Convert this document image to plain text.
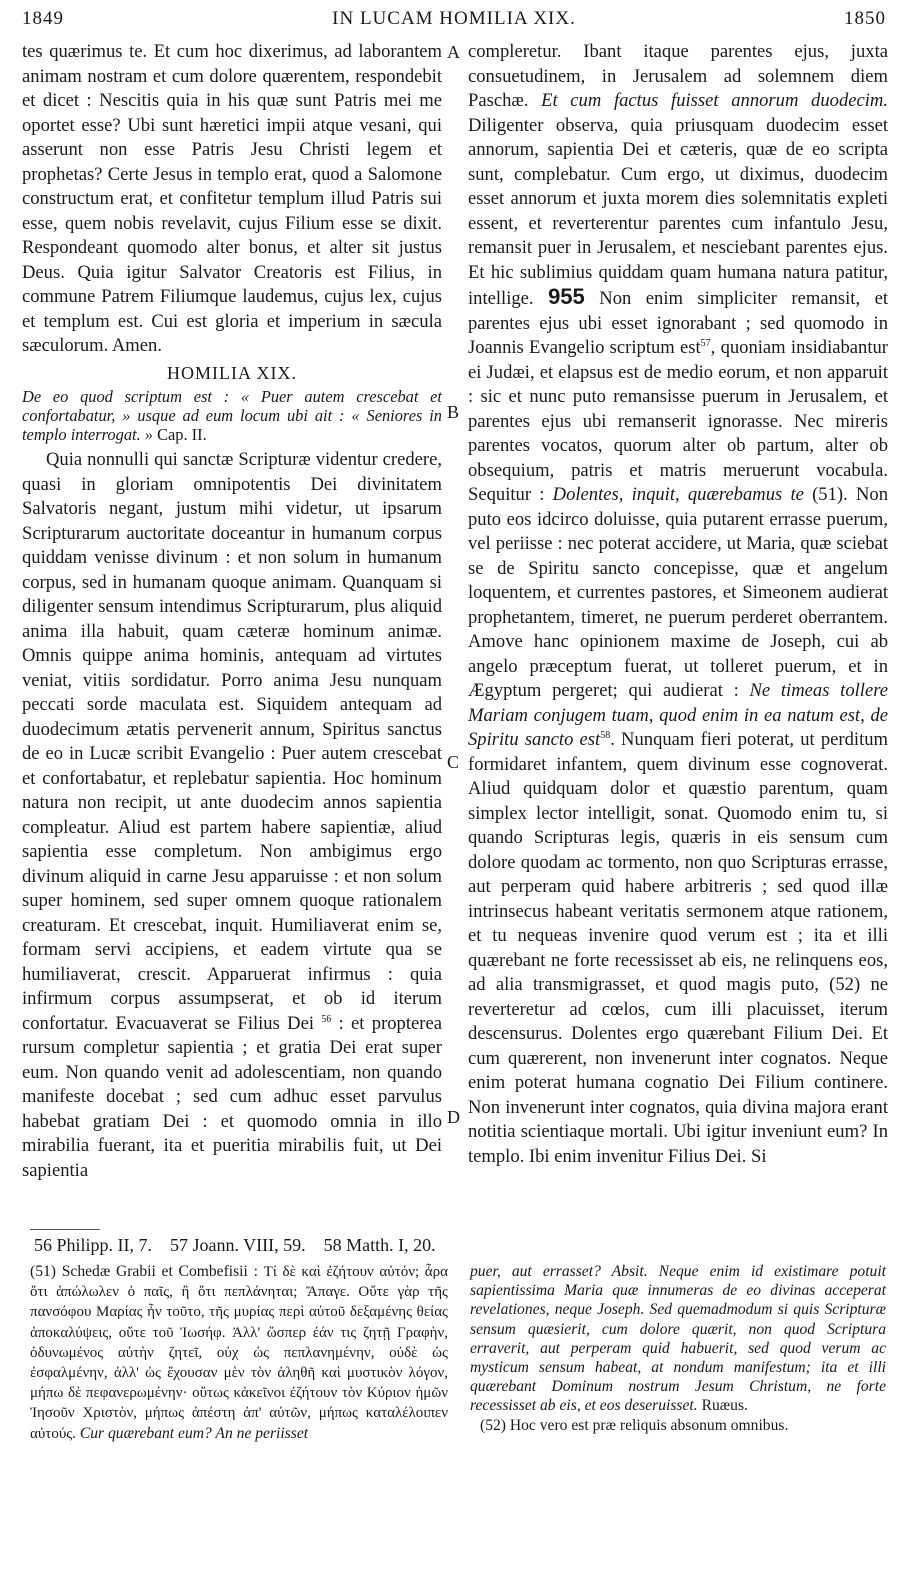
1849	IN LUCAM HOMILIA XIX.	1850
A
B
C
D

tes quærimus te. Et cum hoc dixerimus, ad laborantem animam nostram et cum dolore quærentem, respondebit et dicet : Nescitis quia in his quæ sunt Patris mei me oportet esse? Ubi sunt hæretici impii atque vesani, qui asserunt non esse Patris Jesu Christi legem et prophetas? Certe Jesus in templo erat, quod a Salomone constructum erat, et confitetur templum illud Patris sui esse, quem nobis revelavit, cujus Filium esse se dixit. Respondeant quomodo alter bonus, et alter sit justus Deus. Quia igitur Salvator Creatoris est Filius, in commune Patrem Filiumque laudemus, cujus lex, cujus et templum est. Cui est gloria et imperium in sæcula sæculorum. Amen.

HOMILIA XIX.
De eo quod scriptum est : « Puer autem crescebat et confortabatur, » usque ad eum locum ubi ait : « Seniores in templo interrogat. » Cap. II.

Quia nonnulli qui sanctæ Scripturæ videntur credere, quasi in gloriam omnipotentis Dei divinitatem Salvatoris negant, justum mihi videtur, ut ipsarum Scripturarum auctoritate doceantur in humanum corpus quiddam venisse divinum : et non solum in humanum corpus, sed in humanam quoque animam. Quanquam si diligenter sensum intendimus Scripturarum, plus aliquid anima illa habuit, quam cæteræ hominum animæ. Omnis quippe anima hominis, antequam ad virtutes veniat, vitiis sordidatur. Porro anima Jesu nunquam peccati sorde maculata est. Siquidem antequam ad duodecimum ætatis pervenerit annum, Spiritus sanctus de eo in Lucæ scribit Evangelio : Puer autem crescebat et confortabatur, et replebatur sapientia. Hoc hominum natura non recipit, ut ante duodecim annos sapientia compleatur. Aliud est partem habere sapientiæ, aliud sapientia esse completum. Non ambigimus ergo divinum aliquid in carne Jesu apparuisse : et non solum super hominem, sed super omnem quoque rationalem creaturam. Et crescebat, inquit. Humiliaverat enim se, formam servi accipiens, et eadem virtute qua se humiliaverat, crescit. Apparuerat infirmus : quia infirmum corpus assumpserat, et ob id iterum confortatur. Evacuaverat se Filius Dei $^{56}$ : et propterea rursum completur sapientia ; et gratia Dei erat super eum. Non quando venit ad adolescentiam, non quando manifeste docebat ; sed cum adhuc esset parvulus habebat gratiam Dei : et quomodo omnia in illo mirabilia fuerant, ita et pueritia mirabilis fuit, ut Dei sapientia

compleretur. Ibant itaque parentes ejus, juxta consuetudinem, in Jerusalem ad solemnem diem Paschæ. Et cum factus fuisset annorum duodecim. Diligenter observa, quia priusquam duodecim esset annorum, sapientia Dei et cæteris, quæ de eo scripta sunt, complebatur. Cum ergo, ut diximus, duodecim esset annorum et juxta morem dies solemnitatis expleti essent, et reverterentur parentes cum infantulo Jesu, remansit puer in Jerusalem, et nesciebant parentes ejus. Et hic sublimius quiddam quam humana natura patitur, intellige. 955 Non enim simpliciter remansit, et parentes ejus ubi esset ignorabant ; sed quomodo in Joannis Evangelio scriptum est$^{57}$, quoniam insidiabantur ei Judæi, et elapsus est de medio eorum, et non apparuit : sic et nunc puto remansisse puerum in Jerusalem, et parentes ejus ubi remanserit ignorasse. Nec mireris parentes vocatos, quorum alter ob partum, alter ob obsequium, patris et matris meruerunt vocabula. Sequitur : Dolentes, inquit, quærebamus te (51). Non puto eos idcirco doluisse, quia putarent errasse puerum, vel periisse : nec poterat accidere, ut Maria, quæ sciebat se de Spiritu sancto concepisse, quæ et angelum loquentem, et currentes pastores, et Simeonem audierat prophetantem, timeret, ne puerum perderet oberrantem. Amove hanc opinionem maxime de Joseph, cui ab angelo præceptum fuerat, ut tolleret puerum, et in Ægyptum pergeret; qui audierat : Ne timeas tollere Mariam conjugem tuam, quod enim in ea natum est, de Spiritu sancto est$^{58}$. Nunquam fieri poterat, ut perditum formidaret infantem, quem divinum esse cognoverat. Aliud quidquam dolor et quæstio parentum, quam simplex lector intelligit, sonat. Quomodo enim tu, si quando Scripturas legis, quæris in eis sensum cum dolore quodam ac tormento, non quo Scripturas errasse, aut perperam quid habere arbitreris ; sed quod illæ intrinsecus habeant veritatis sermonem atque rationem, et tu nequeas invenire quod verum est ; ita et illi quærebant ne forte recessisset ab eis, ne relinquens eos, ad alia transmigrasset, et quod magis puto, (52) ne reverteretur ad cœlos, cum illi placuisset, iterum descensurus. Dolentes ergo quærebant Filium Dei. Et cum quærerent, non invenerunt inter cognatos. Neque enim poterat humana cognatio Dei Filium continere. Non invenerunt inter cognatos, quia divina majora erant notitia scientiaque mortali. Ubi igitur inveniunt eum? In templo. Ibi enim invenitur Filius Dei. Si

56 Philipp. II, 7. 57 Joann. VIII, 59. 58 Matth. I, 20.

(51) Schedæ Grabii et Combefisii : Τί δὲ καὶ ἐζήτουν αὐτόν; ἆρα ὅτι ἀπώλωλεν ὁ παῖς, ἢ ὅτι πεπλάνηται; Ἄπαγε. Οὔτε γὰρ τῆς πανσόφου Μαρίας ἦν τοῦτο, τῆς μυρίας περὶ αὐτοῦ δεξαμένης θείας ἀποκαλύψεις, οὔτε τοῦ Ἰωσήφ. Ἀλλ' ὥσπερ ἐάν τις ζητῇ Γραφὴν, ὀδυνωμένος αὐτὴν ζητεῖ, οὐχ ὡς πεπλανημένην, οὐδὲ ὡς ἐσφαλμένην, ἀλλ' ὡς ἔχουσαν μὲν τὸν ἀληθῆ καὶ μυστικὸν λόγον, μήπω δὲ πεφανερωμένην· οὕτως κἀκεῖνοι ἐζήτουν τὸν Κύριον ἡμῶν Ἰησοῦν Χριστὸν, μήπως ἀπέστη ἀπ' αὐτῶν, μήπως καταλέλοιπεν αὐτούς. Cur quærebant eum? An ne periisset

puer, aut errasset? Absit. Neque enim id existimare potuit sapientissima Maria quæ innumeras de eo divinas acceperat revelationes, neque Joseph. Sed quemadmodum si quis Scripturæ sensum quæsierit, cum dolore quærit, non quod Scriptura erraverit, aut perperam quid habuerit, sed quod verum ac mysticum sensum habeat, at nondum manifestum; ita et illi quærebant Dominum nostrum Jesum Christum, ne forte recessisset ab eis, et eos deseruisset. Ruæus.

(52) Hoc vero est præ reliquis absonum omnibus.
